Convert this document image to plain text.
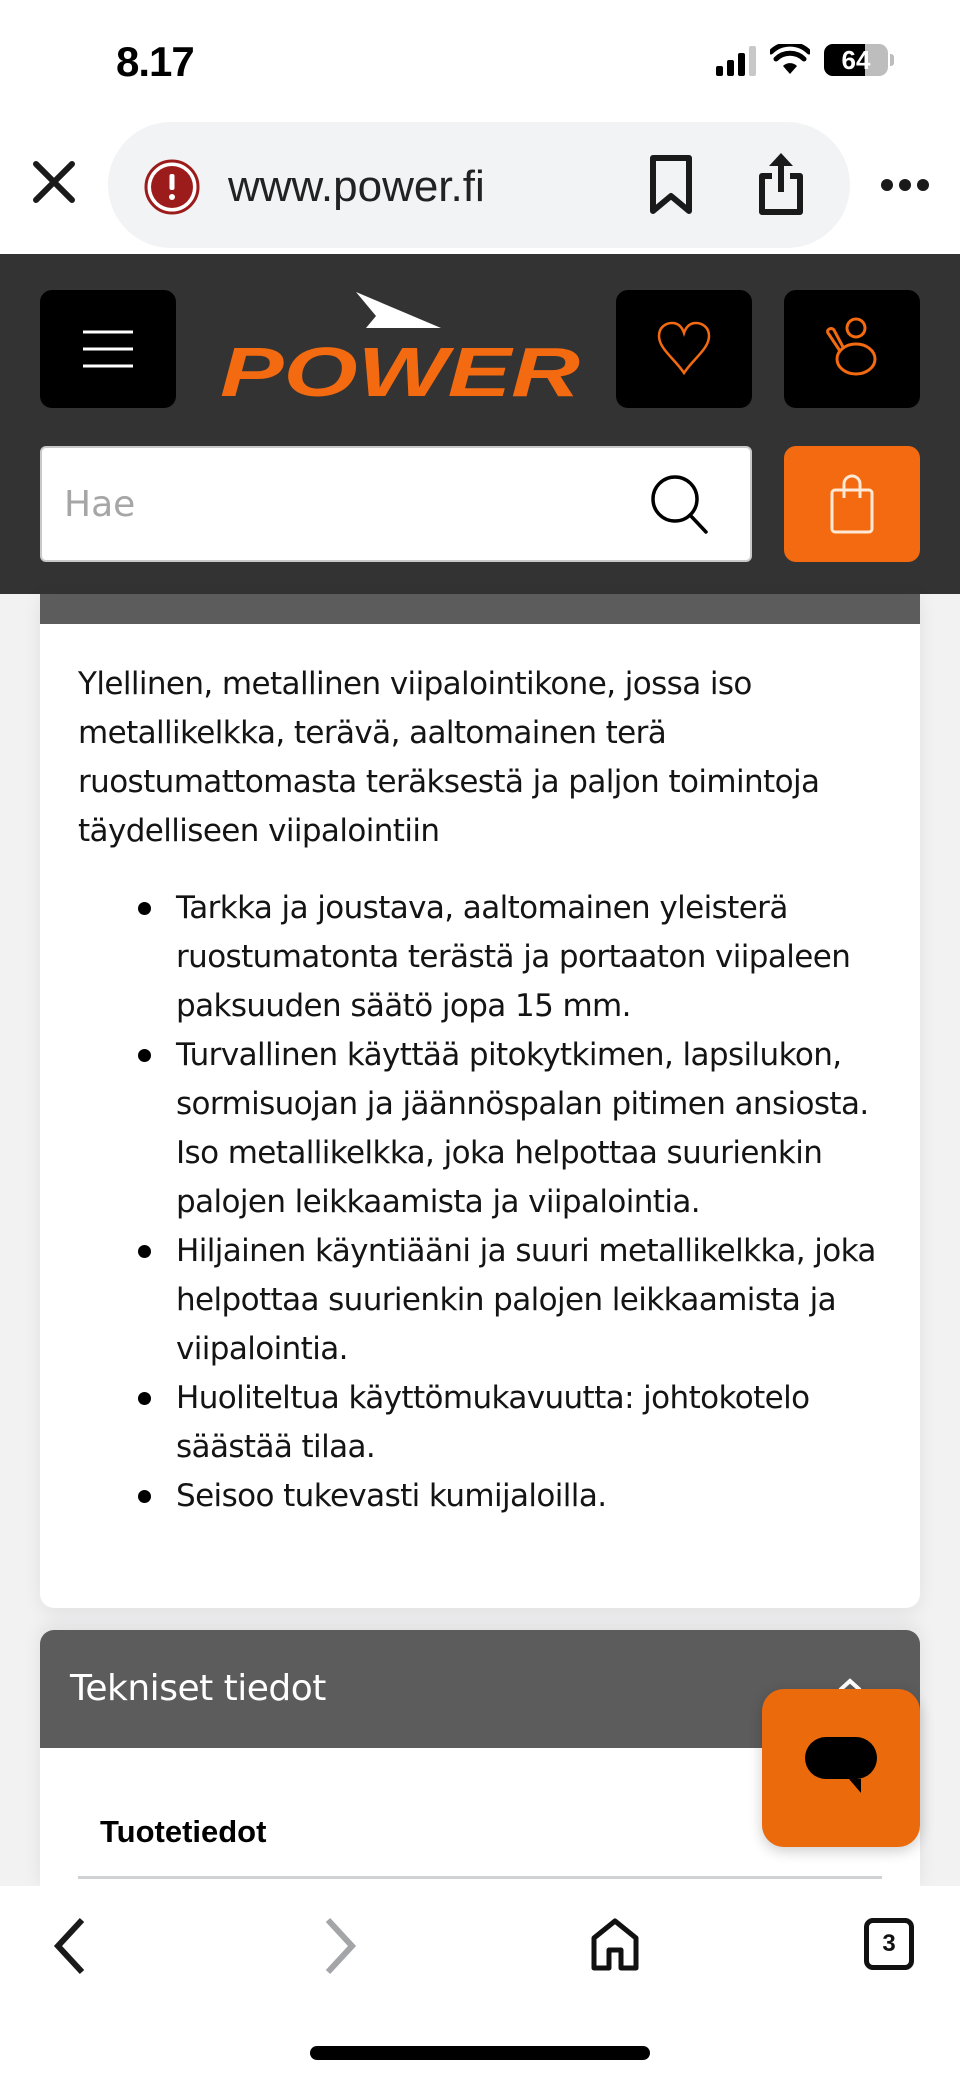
8.17	64
www.power.fi
POWER
Hae

Ylellinen, metallinen viipalointikone, jossa iso metallikelkka, terävä, aaltomainen terä ruostumattomasta teräksestä ja paljon toimintoja täydelliseen viipalointiin

Tarkka ja joustava, aaltomainen yleisterä ruostumatonta terästä ja portaaton viipaleen paksuuden säätö jopa 15 mm.
Turvallinen käyttää pitokytkimen, lapsilukon, sormisuojan ja jäännöspalan pitimen ansiosta. Iso metallikelkka, joka helpottaa suurienkin palojen leikkaamista ja viipalointia.
Hiljainen käyntiääni ja suuri metallikelkka, joka helpottaa suurienkin palojen leikkaamista ja viipalointia.
Huoliteltua käyttömukavuutta: johtokotelo säästää tilaa.
Seisoo tukevasti kumijaloilla.
Tekniset tiedot
Tuotetiedot
3
